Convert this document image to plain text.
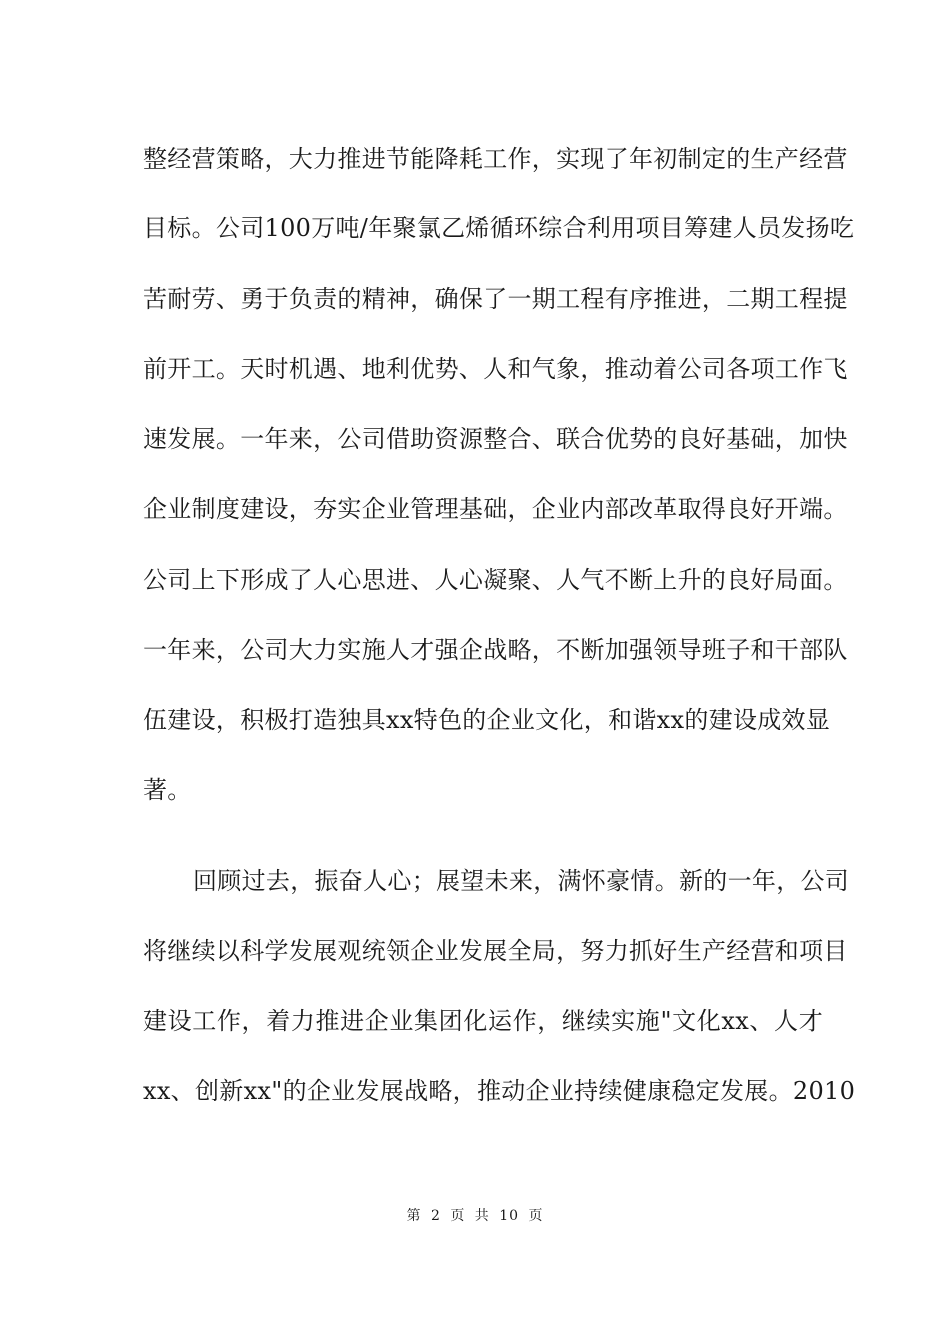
整经营策略，大力推进节能降耗工作，实现了年初制定的生产经营
目标。公司100万吨/年聚氯乙烯循环综合利用项目筹建人员发扬吃
苦耐劳、勇于负责的精神，确保了一期工程有序推进，二期工程提
前开工。天时机遇、地利优势、人和气象，推动着公司各项工作飞
速发展。一年来，公司借助资源整合、联合优势的良好基础，加快
企业制度建设，夯实企业管理基础，企业内部改革取得良好开端。
公司上下形成了人心思进、人心凝聚、人气不断上升的良好局面。
一年来，公司大力实施人才强企战略，不断加强领导班子和干部队
伍建设，积极打造独具xx特色的企业文化，和谐xx的建设成效显
著。
回顾过去，振奋人心；展望未来，满怀豪情。新的一年，公司
将继续以科学发展观统领企业发展全局，努力抓好生产经营和项目
建设工作，着力推进企业集团化运作，继续实施"文化xx、人才
xx、创新xx"的企业发展战略，推动企业持续健康稳定发展。2010
第 2 页 共 10 页
